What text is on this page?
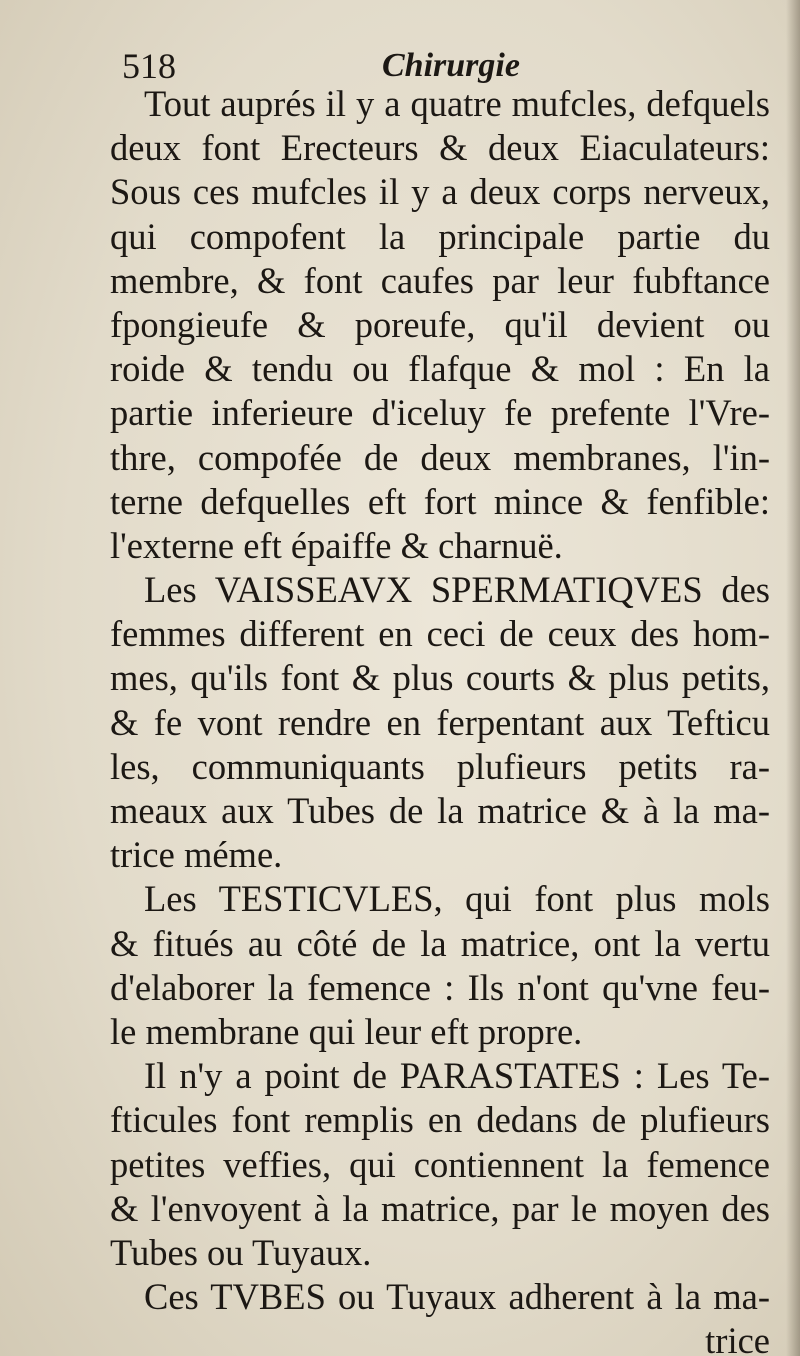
518	Chirurgie
Tout auprés il y a quatre mufcles, defquels
deux font Erecteurs & deux Eiaculateurs:
Sous ces mufcles il y a deux corps nerveux,
qui compofent la principale partie du
membre, & font caufes par leur fubftance
fpongieufe & poreufe, qu'il devient ou
roide & tendu ou flafque & mol : En la
partie inferieure d'iceluy fe prefente l'Vre-
thre, compofée de deux membranes, l'in-
terne defquelles eft fort mince & fenfible:
l'externe eft épaiffe & charnuë.
Les VAISSEAVX SPERMATIQVES des
femmes different en ceci de ceux des hom-
mes, qu'ils font & plus courts & plus petits,
& fe vont rendre en ferpentant aux Tefticu
les, communiquants plufieurs petits ra-
meaux aux Tubes de la matrice & à la ma-
trice méme.
Les TESTICVLES, qui font plus mols
& fitués au côté de la matrice, ont la vertu
d'elaborer la femence : Ils n'ont qu'vne feu-
le membrane qui leur eft propre.
Il n'y a point de PARASTATES : Les Te-
fticules font remplis en dedans de plufieurs
petites veffies, qui contiennent la femence
& l'envoyent à la matrice, par le moyen des
Tubes ou Tuyaux.
Ces TVBES ou Tuyaux adherent à la ma-
trice
